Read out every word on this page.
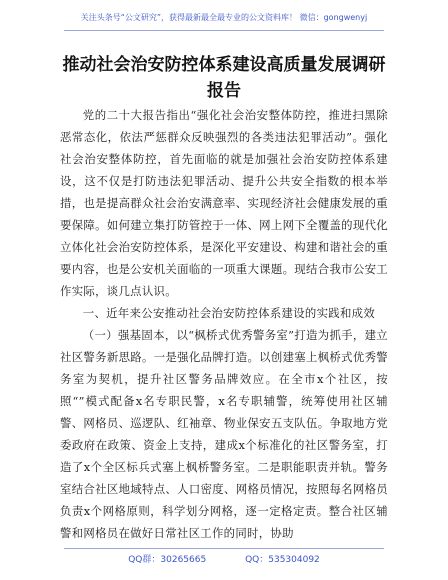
关注头条号“公文研究”，获得最新最全最专业的公文资料库！ 微信：gongwenyj
推动社会治安防控体系建设高质量发展调研报告

党的二十大报告指出“强化社会治安整体防控，推进扫黑除恶常态化，依法严惩群众反映强烈的各类违法犯罪活动”。强化社会治安整体防控，首先面临的就是加强社会治安防控体系建设，这不仅是打防违法犯罪活动、提升公共安全指数的根本举措，也是提高群众社会治安满意率、实现经济社会健康发展的重要保障。如何建立集打防管控于一体、网上网下全覆盖的现代化立体化社会治安防控体系，是深化平安建设、构建和谐社会的重要内容，也是公安机关面临的一项重大课题。现结合我市公安工作实际，谈几点认识。

一、近年来公安推动社会治安防控体系建设的实践和成效

（一）强基固本，以“枫桥式优秀警务室”打造为抓手，建立社区警务新思路。一是强化品牌打造。以创建塞上枫桥式优秀警务室为契机，提升社区警务品牌效应。在全市x个社区，按照“”模式配备x名专职民警，x名专职辅警，统筹使用社区辅警、网格员、巡逻队、红袖章、物业保安五支队伍。争取地方党委政府在政策、资金上支持，建成x个标准化的社区警务室，打造了x个全区标兵式塞上枫桥警务室。二是职能职责并轨。警务室结合社区地域特点、人口密度、网格员情况，按照每名网格员负责x个网格原则，科学划分网格，逐一定格定责。整合社区辅警和网格员在做好日常社区工作的同时，协助

QQ群：30265665	QQ：535304092
